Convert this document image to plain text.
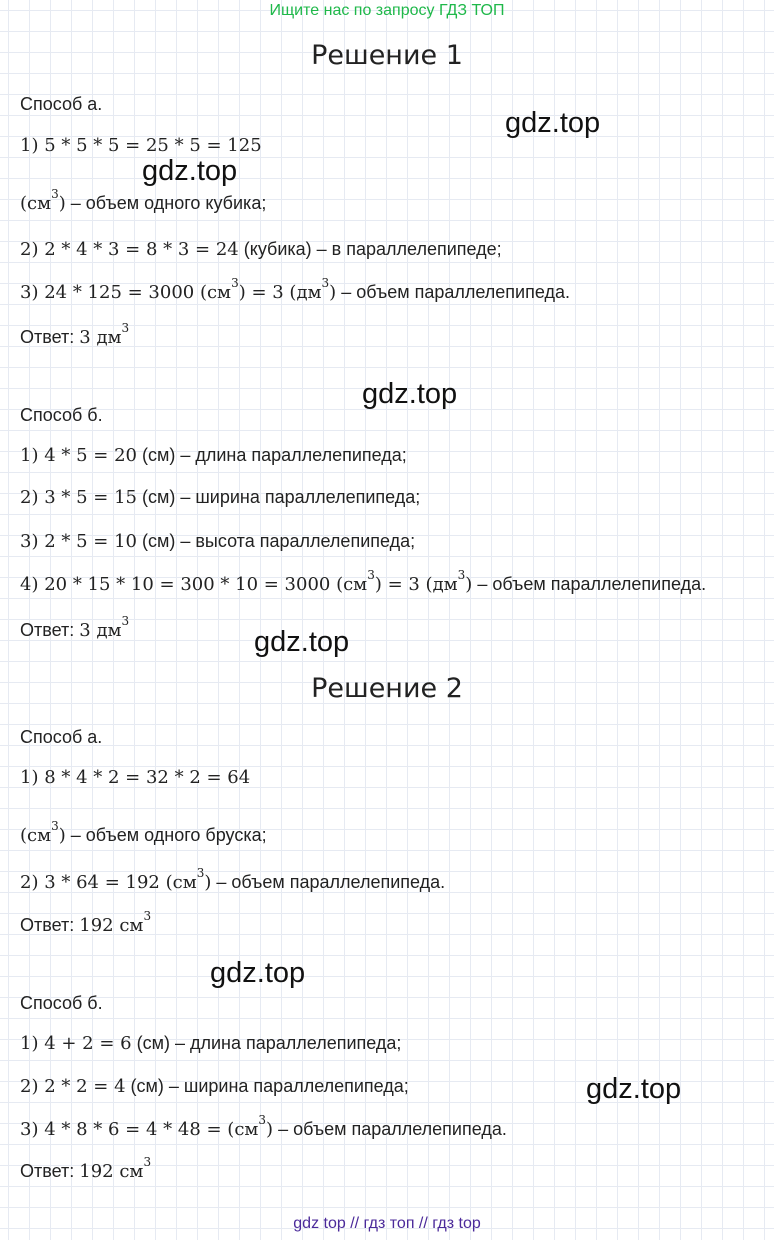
Ищите нас по запросу ГДЗ ТОП
Решение 1
Способ а.
1) 5 * 5 * 5 = 25 * 5 = 125
$(см^3)$ – объем одного кубика;
2) 2 * 4 * 3 = 8 * 3 = 24 (кубика) – в параллелепипеде;
3) 24 * 125 = 3000 $(см^3) = 3$ $(дм^3)$ – объем параллелепипеда.
Ответ: 3 $дм^3$
Способ б.
1) 4 * 5 = 20 (см) – длина параллелепипеда;
2) 3 * 5 = 15 (см) – ширина параллелепипеда;
3) 2 * 5 = 10 (см) – высота параллелепипеда;
4) 20 * 15 * 10 = 300 * 10 = 3000 $(см^3) = 3$ $(дм^3)$ – объем параллелепипеда.
Ответ: 3 $дм^3$
Решение 2
Способ а.
1) 8 * 4 * 2 = 32 * 2 = 64
$(см^3)$ – объем одного бруска;
2) 3 * 64 = 192 $(см^3)$ – объем параллелепипеда.
Ответ: 192 $см^3$
Способ б.
1) 4 + 2 = 6 (см) – длина параллелепипеда;
2) 2 * 2 = 4 (см) – ширина параллелепипеда;
3) $4 * 8 * 6 = 4 * 48 = (см^3)$ – объем параллелепипеда.
Ответ: 192 $см^3$
gdz.top
gdz.top
gdz.top
gdz.top
gdz.top
gdz.top
gdz top // гдз топ // гдз top
